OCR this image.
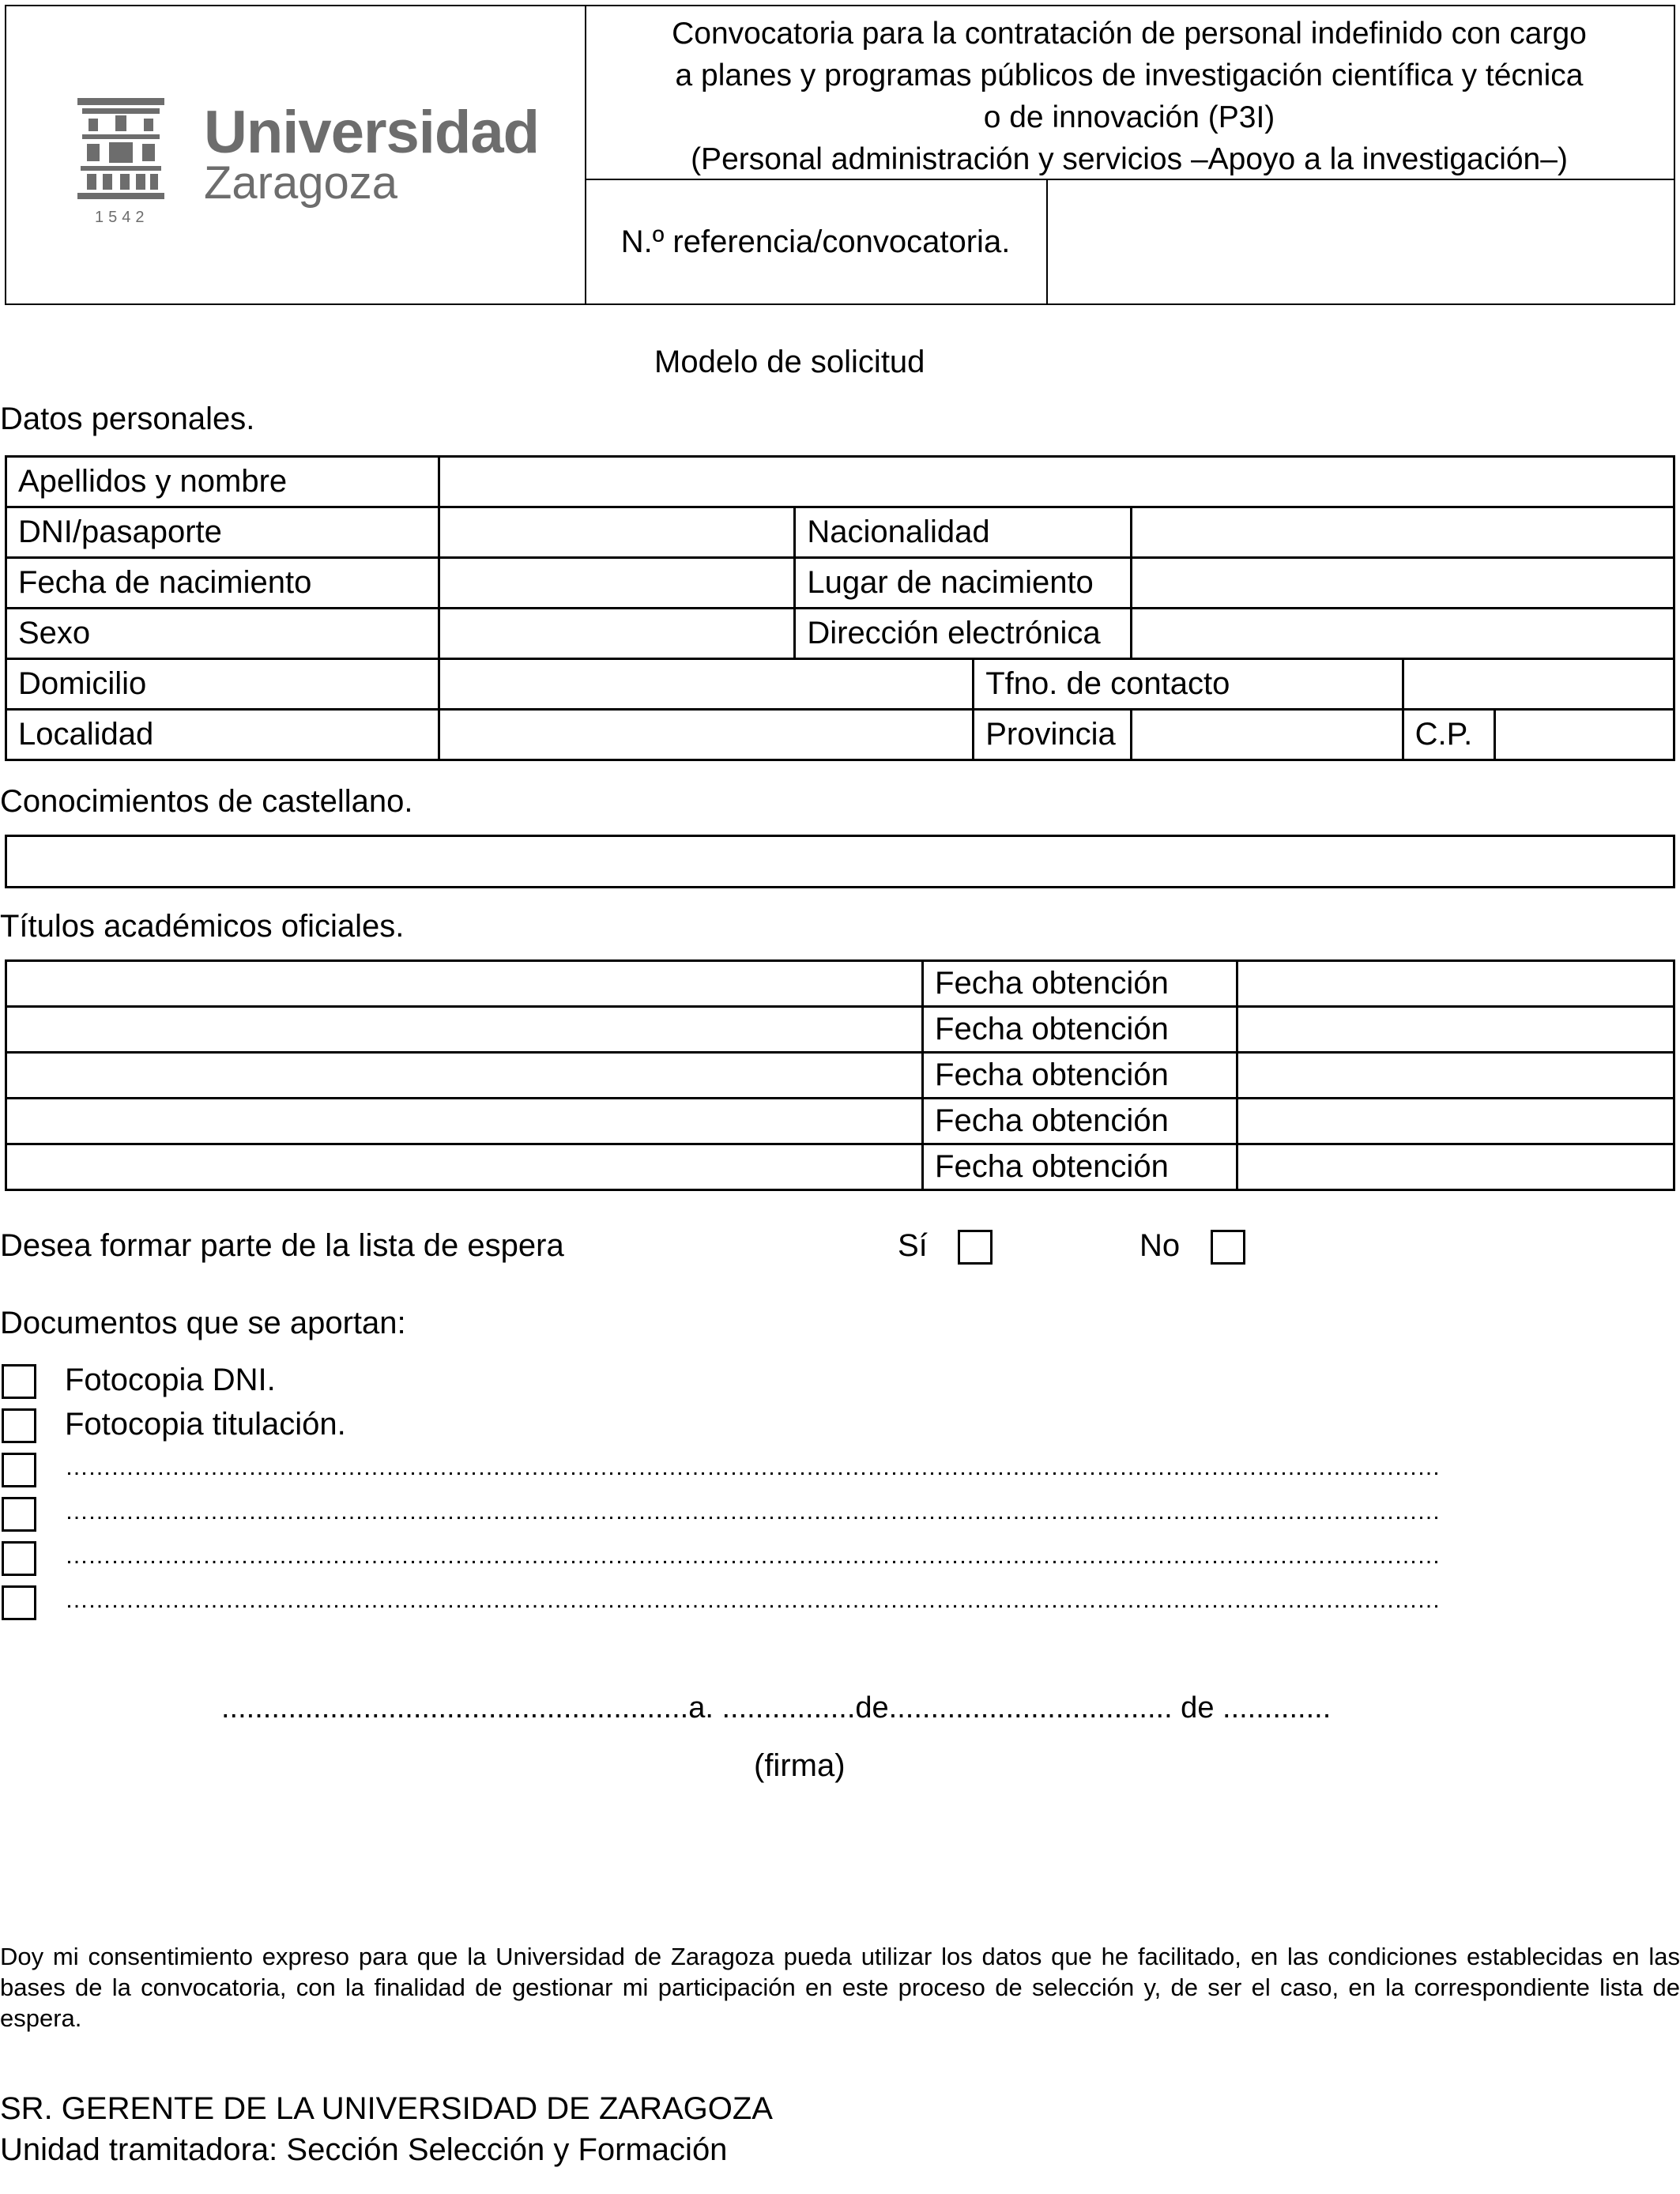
Universidad
Zaragoza
1542
Convocatoria para la contratación de personal indefinido con cargo
a planes y programas públicos de investigación científica y técnica
o de innovación (P3I)
(Personal administración y servicios –Apoyo a la investigación–)
N.º referencia/convocatoria.
Modelo de solicitud
Datos personales.
Apellidos y nombre						
DNI/pasaporte		Nacionalidad				
Fecha de nacimiento		Lugar de nacimiento				
Sexo		Dirección electrónica				
Domicilio			Tfno. de contacto			
Localidad			Provincia		C.P.	
Conocimientos de castellano.
Títulos académicos oficiales.
	Fecha obtención	
	Fecha obtención	
	Fecha obtención	
	Fecha obtención	
	Fecha obtención	
Desea formar parte de la lista de espera	Sí	No
Documentos que se aportan:
Fotocopia DNI.
Fotocopia titulación.
………………………………………………………………………………………………………………………………………………………………
………………………………………………………………………………………………………………………………………………………………
………………………………………………………………………………………………………………………………………………………………
………………………………………………………………………………………………………………………………………………………………
........................................................a. ................de.................................. de .............
(firma)
Doy mi consentimiento expreso para que la Universidad de Zaragoza pueda utilizar los datos que he facilitado, en las condiciones establecidas en las bases de la convocatoria, con la finalidad de gestionar mi participación en este proceso de selección y, de ser el caso, en la correspondiente lista de espera.
SR. GERENTE DE LA UNIVERSIDAD DE ZARAGOZA
Unidad tramitadora: Sección Selección y Formación
